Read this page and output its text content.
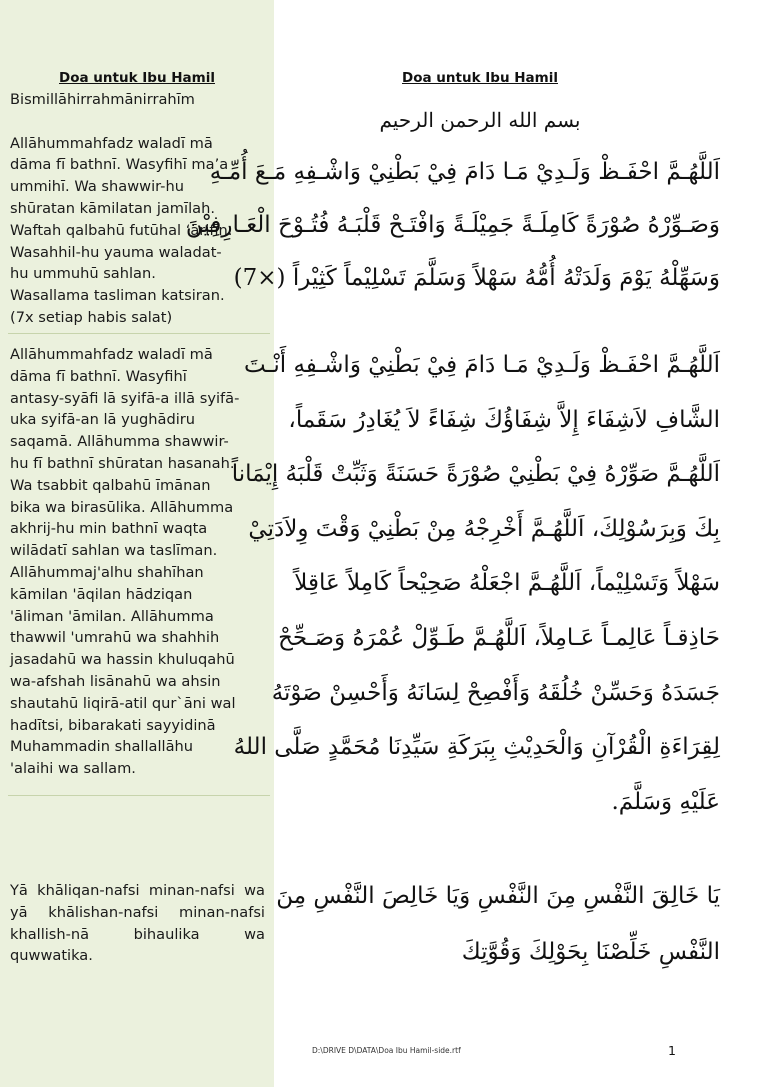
Doa untuk Ibu Hamil	Doa untuk Ibu Hamil
Bismillāhirrahmānirrahīm

Allāhummahfadz waladī mā
dāma fī bathnī. Wasyfihī ma’a
ummihī. Wa shawwir-hu
shūratan kāmilatan jamīlah.
Waftah qalbahū futūhal ‘ārifīn.
Wasahhil-hu yauma waladat-
hu ummuhū sahlan.
Wasallama tasliman katsiran.
(7x setiap habis salat)
Allāhummahfadz waladī mā
dāma fī bathnī. Wasyfihī
antasy-syāfi lā syifā-a illā syifā-
uka syifā-an lā yughādiru
saqamā. Allāhumma shawwir-
hu fī bathnī shūratan hasanah.
Wa tsabbit qalbahū īmānan
bika wa birasūlika. Allāhumma
akhrij-hu min bathnī waqta
wilādatī sahlan wa taslīman.
Allāhummaj'alhu shahīhan
kāmilan 'āqilan hādziqan
'āliman 'āmilan. Allāhumma
thawwil 'umrahū wa shahhih
jasadahū wa hassin khuluqahū
wa-afshah lisānahū wa ahsin
shautahū liqirā-atil qur`āni wal
hadītsi, bibarakati sayyidinā
Muhammadin shallallāhu
'alaihi wa sallam.
Yā khāliqan-nafsi minan-nafsi wa yā khālishan-nafsi minan-nafsi khallish-nā bihaulika wa quwwatika.
بسم الله الرحمن الرحيم
اَللَّهُـمَّ احْفَـظْ وَلَـدِيْ مَـا دَامَ فِيْ بَطْنِيْ وَاشْـفِهِ مَـعَ أُمِّـهِ
وَصَـوِّرْهُ صُوْرَةً كَامِلَـةً جَمِيْلَـةً وَافْتَـحْ قَلْبَـهُ فُتُـوْحَ الْعَـارِفِيْنَ
وَسَهِّلْهُ يَوْمَ وَلَدَتْهُ أُمُّهُ سَهْلاً وَسَلَّمَ تَسْلِيْماً كَثِيْراً (×7)
اَللَّهُـمَّ احْفَـظْ وَلَـدِيْ مَـا دَامَ فِيْ بَطْنِيْ وَاشْـفِهِ أَنْـتَ
الشَّافِ لاَشِفَاءَ إِلاَّ شِفَاؤُكَ شِفَاءً لاَ يُغَادِرُ سَقَماً،
اَللَّهُـمَّ صَوِّرْهُ فِيْ بَطْنِيْ صُوْرَةً حَسَنَةً وَثَبِّتْ قَلْبَهُ إِيْمَاناً
بِكَ وَبِرَسُوْلِكَ، اَللَّهُـمَّ أَخْرِجْهُ مِنْ بَطْنِيْ وَقْتَ وِلاَدَتِيْ
سَهْلاً وَتَسْلِيْماً، اَللَّهُـمَّ اجْعَلْهُ صَحِيْحاً كَامِلاً عَاقِلاً
حَاذِقـاً عَالِمـاً عَـامِلاً، اَللَّهُـمَّ طَـوِّلْ عُمْرَهُ وَصَـحِّحْ
جَسَدَهُ وَحَسِّنْ خُلُقَهُ وَأَفْصِحْ لِسَانَهُ وَأَحْسِنْ صَوْتَهُ
لِقِرَاءَةِ الْقُرْآنِ وَالْحَدِيْثِ بِبَرَكَةِ سَيِّدِنَا مُحَمَّدٍ صَلَّى اللهُ
عَلَيْهِ وَسَلَّمَ.
يَا خَالِقَ النَّفْسِ مِنَ النَّفْسِ وَيَا خَالِصَ النَّفْسِ مِنَ
النَّفْسِ خَلِّصْنَا بِحَوْلِكَ وَقُوَّتِكَ
D:\DRIVE D\DATA\Doa Ibu Hamil-side.rtf	1
